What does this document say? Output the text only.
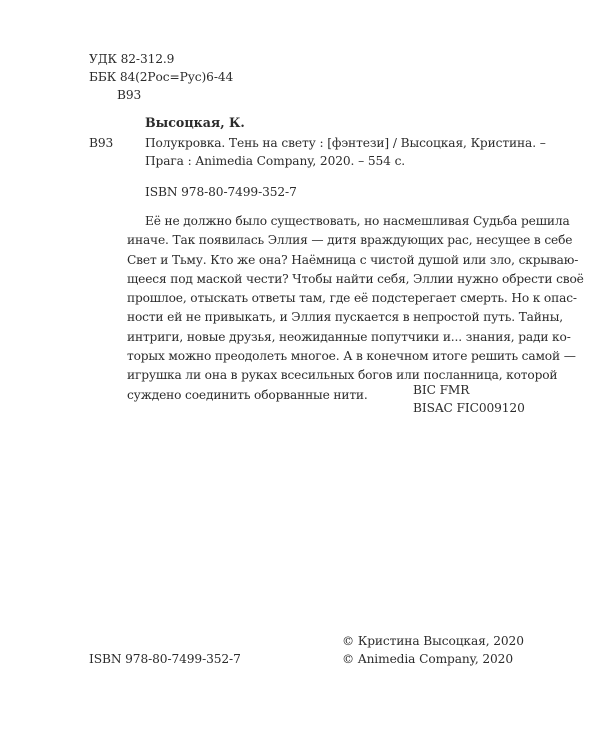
УДК 82-312.9
ББК 84(2Рос=Рус)6-44
В93
Высоцкая, К.
В93	Полукровка. Тень на свету : [фэнтези] / Высоцкая, Кристина. –
Прага : Animedia Company, 2020. – 554 с.
ISBN 978-80-7499-352-7
Её не должно было существовать, но насмешливая Судьба решила
иначе. Так появилась Эллия — дитя враждующих рас, несущее в себе
Свет и Тьму. Кто же она? Наёмница с чистой душой или зло, скрываю-
щееся под маской чести? Чтобы найти себя, Эллии нужно обрести своё
прошлое, отыскать ответы там, где её подстерегает смерть. Но к опас-
ности ей не привыкать, и Эллия пускается в непростой путь. Тайны,
интриги, новые друзья, неожиданные попутчики и... знания, ради ко-
торых можно преодолеть многое. А в конечном итоге решить самой —
игрушка ли она в руках всесильных богов или посланница, которой
суждено соединить оборванные нити.	BIC FMR
BISAC FIC009120
© Кристина Высоцкая, 2020
© Animedia Company, 2020
ISBN 978-80-7499-352-7
